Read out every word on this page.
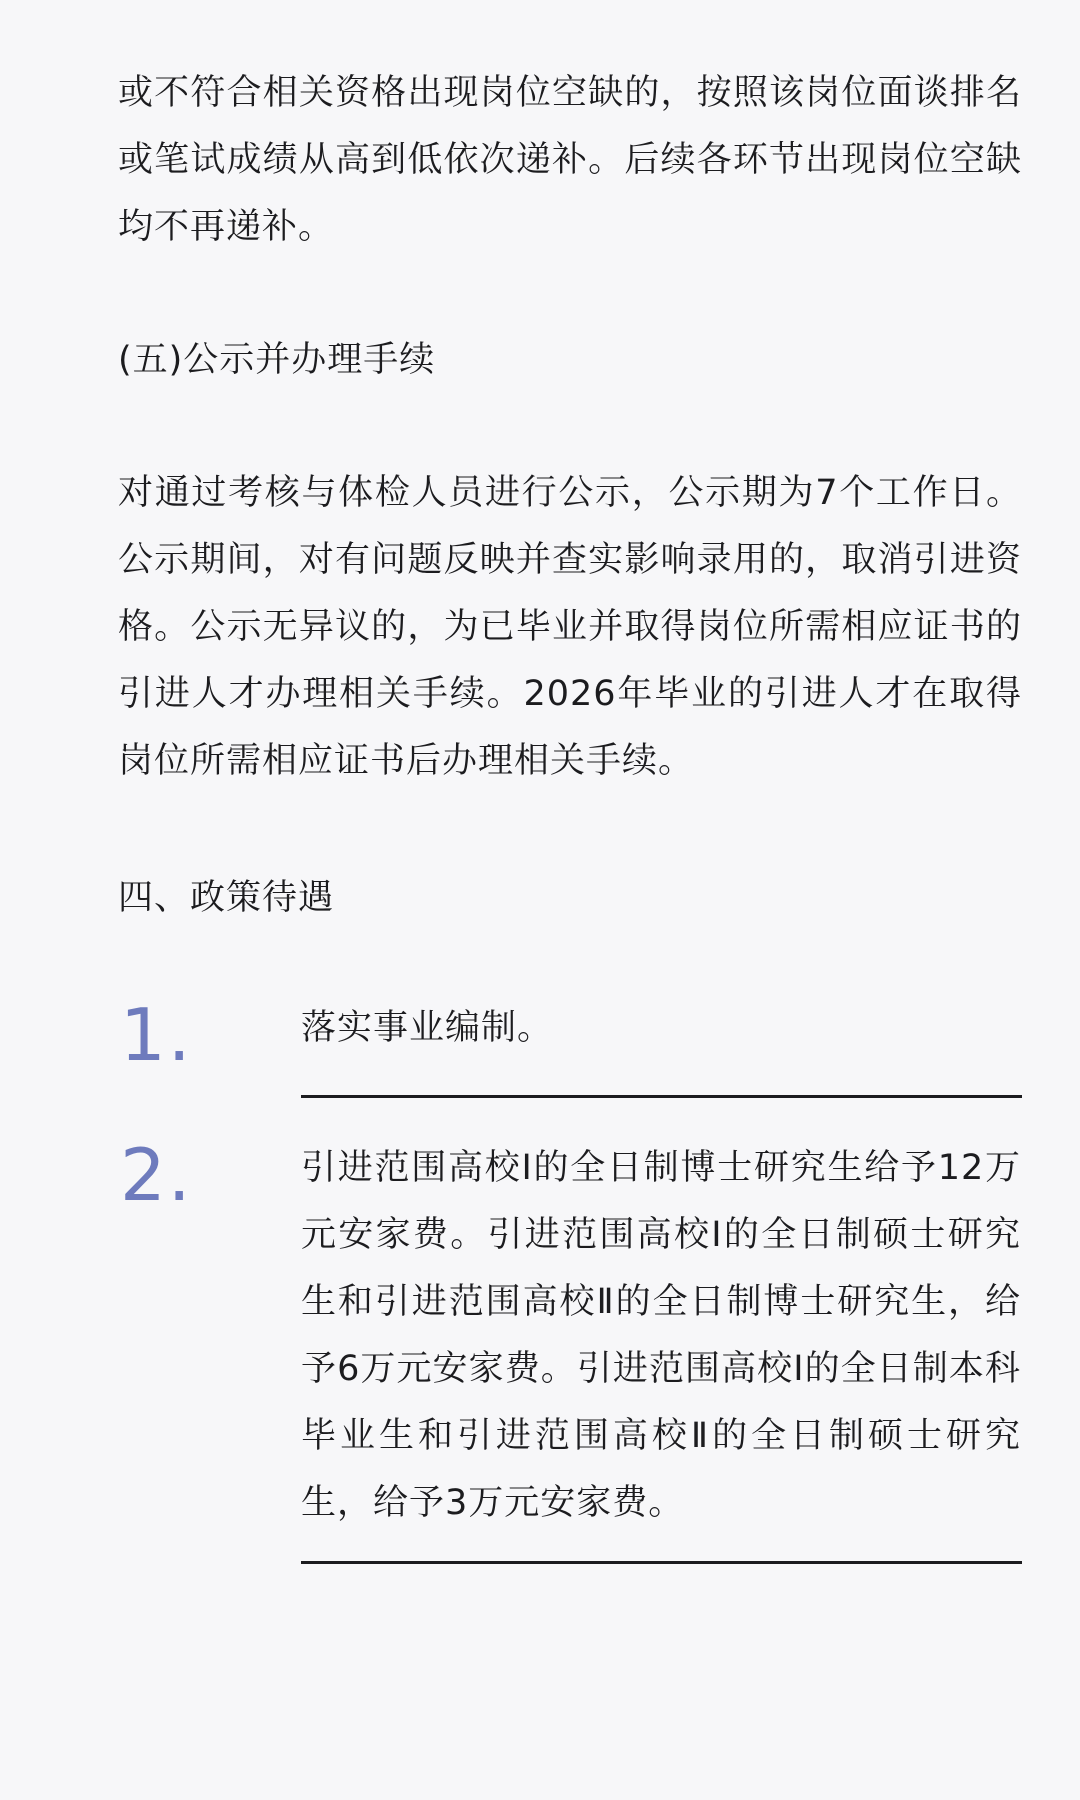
或不符合相关资格出现岗位空缺的，按照该岗位面谈排名或笔试成绩从高到低依次递补。后续各环节出现岗位空缺均不再递补。

(五)公示并办理手续

对通过考核与体检人员进行公示，公示期为7个工作日。公示期间，对有问题反映并查实影响录用的，取消引进资格。公示无异议的，为已毕业并取得岗位所需相应证书的引进人才办理相关手续。2026年毕业的引进人才在取得岗位所需相应证书后办理相关手续。

四、政策待遇

1.	落实事业编制。
2.	引进范围高校Ⅰ的全日制博士研究生给予12万元安家费。引进范围高校Ⅰ的全日制硕士研究生和引进范围高校Ⅱ的全日制博士研究生，给予6万元安家费。引进范围高校Ⅰ的全日制本科毕业生和引进范围高校Ⅱ的全日制硕士研究生，给予3万元安家费。
